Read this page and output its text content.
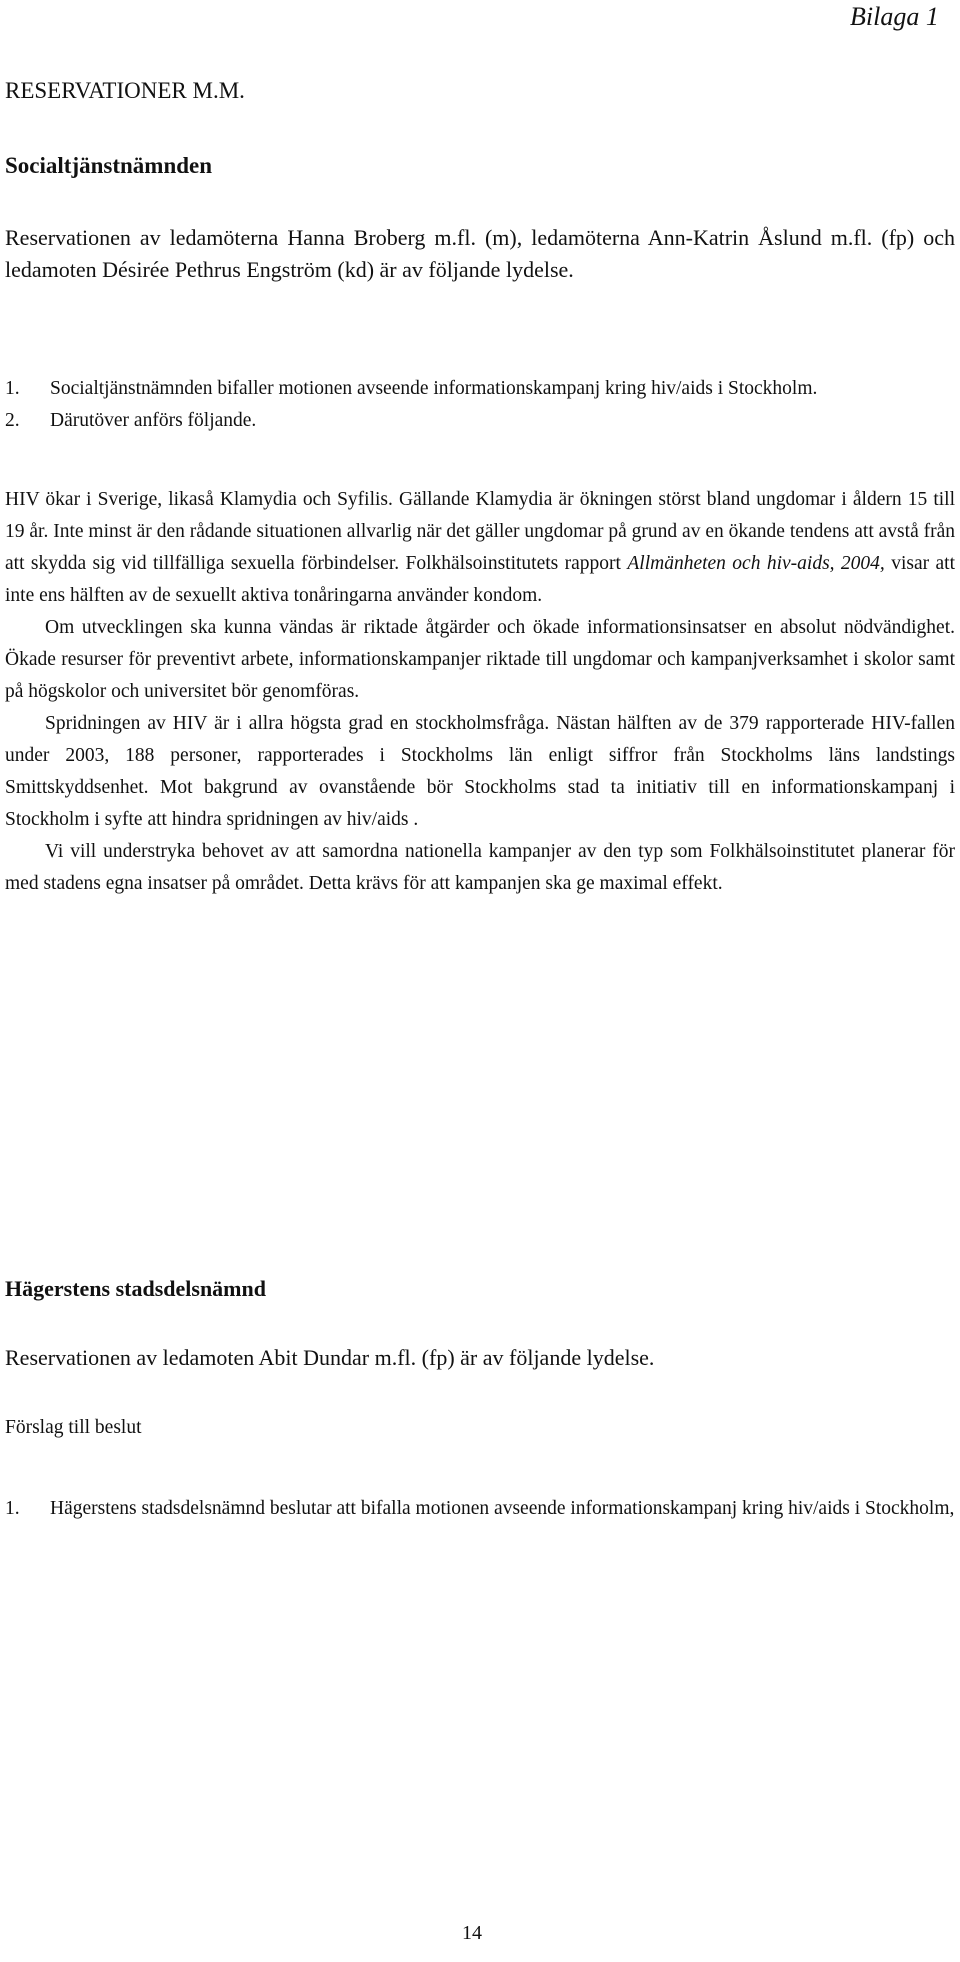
Bilaga 1
RESERVATIONER M.M.
Socialtjänstnämnden
Reservationen av ledamöterna Hanna Broberg m.fl. (m), ledamöterna Ann-Katrin Åslund m.fl. (fp) och ledamoten Désirée Pethrus Engström (kd) är av följande lydelse.
1.	Socialtjänstnämnden bifaller motionen avseende informationskampanj kring hiv/aids i Stockholm.
2.	Därutöver anförs följande.

HIV ökar i Sverige, likaså Klamydia och Syfilis. Gällande Klamydia är ökningen störst bland ungdomar i åldern 15 till 19 år. Inte minst är den rådande situationen allvarlig när det gäller ungdomar på grund av en ökande tendens att avstå från att skydda sig vid tillfälliga sexuella förbindelser. Folkhälsoinstitutets rapport Allmänheten och hiv-aids, 2004, visar att inte ens hälften av de sexuellt aktiva tonåringarna använder kondom.

Om utvecklingen ska kunna vändas är riktade åtgärder och ökade informationsinsatser en absolut nödvändighet. Ökade resurser för preventivt arbete, informationskampanjer riktade till ungdomar och kampanjverksamhet i skolor samt på högskolor och universitet bör genomföras.

Spridningen av HIV är i allra högsta grad en stockholmsfråga. Nästan hälften av de 379 rapporterade HIV-fallen under 2003, 188 personer, rapporterades i Stockholms län enligt siffror från Stockholms läns landstings Smittskyddsenhet. Mot bakgrund av ovanstående bör Stockholms stad ta initiativ till en informationskampanj i Stockholm i syfte att hindra spridningen av hiv/aids .

Vi vill understryka behovet av att samordna nationella kampanjer av den typ som Folkhälsoinstitutet planerar för med stadens egna insatser på området. Detta krävs för att kampanjen ska ge maximal effekt.

Hägerstens stadsdelsnämnd
Reservationen av ledamoten Abit Dundar m.fl. (fp) är av följande lydelse.
Förslag till beslut
1.	Hägerstens stadsdelsnämnd beslutar att bifalla motionen avseende informationskampanj kring hiv/aids i Stockholm,
14
